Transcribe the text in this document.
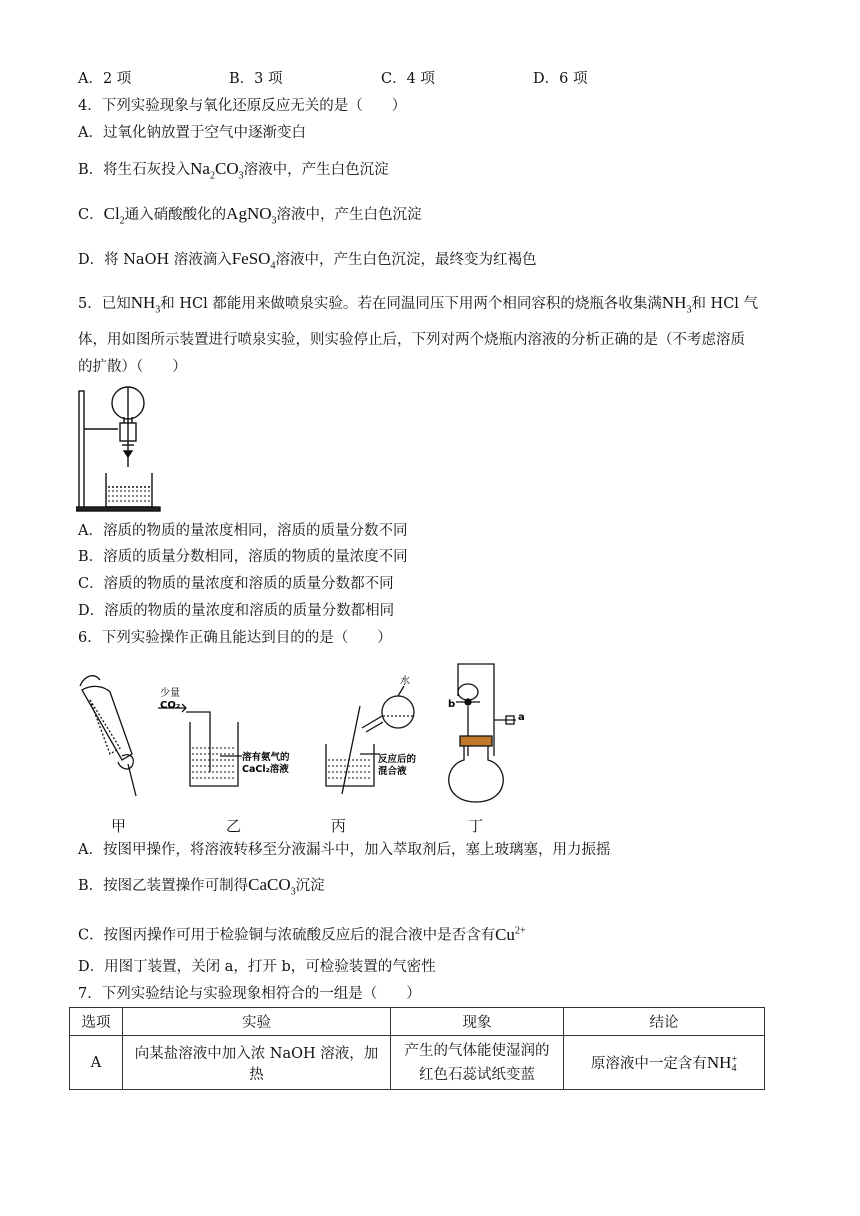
A．2 项	B．3 项	C．4 项	D．6 项
4．下列实验现象与氧化还原反应无关的是（　　）
A．过氧化钠放置于空气中逐渐变白
B．将生石灰投入$Na_2CO_3$溶液中，产生白色沉淀
C．$Cl_2$通入硝酸酸化的AgNO$_3$溶液中，产生白色沉淀
D．将 NaOH 溶液滴入FeSO$_4$溶液中，产生白色沉淀，最终变为红褐色
5．已知$NH_3$和 HCl 都能用来做喷泉实验。若在同温同压下用两个相同容积的烧瓶各收集满$NH_3$和 HCl 气
体，用如图所示装置进行喷泉实验，则实验停止后，下列对两个烧瓶内溶液的分析正确的是（不考虑溶质
的扩散）（　　）
A．溶质的物质的量浓度相同，溶质的质量分数不同
B．溶质的质量分数相同，溶质的物质的量浓度不同
C．溶质的物质的量浓度和溶质的质量分数都不同
D．溶质的物质的量浓度和溶质的质量分数都相同
6．下列实验操作正确且能达到目的的是（　　）
少量
CO₂
溶有氨气的
CaCl₂溶液
水
反应后的
混合液
b
a
甲	乙	丙	丁
A．按图甲操作，将溶液转移至分液漏斗中，加入萃取剂后，塞上玻璃塞，用力振摇
B．按图乙装置操作可制得CaCO$_3$沉淀
C．按图丙操作可用于检验铜与浓硫酸反应后的混合液中是否含有$Cu^{2+}$
D．用图丁装置，关闭 a，打开 b，可检验装置的气密性
7．下列实验结论与实验现象相符合的一组是（　　）
选项	实验	现象	结论
A	向某盐溶液中加入浓 NaOH 溶液，加热	产生的气体能使湿润的
红色石蕊试纸变蓝	原溶液中一定含有NH +
4
